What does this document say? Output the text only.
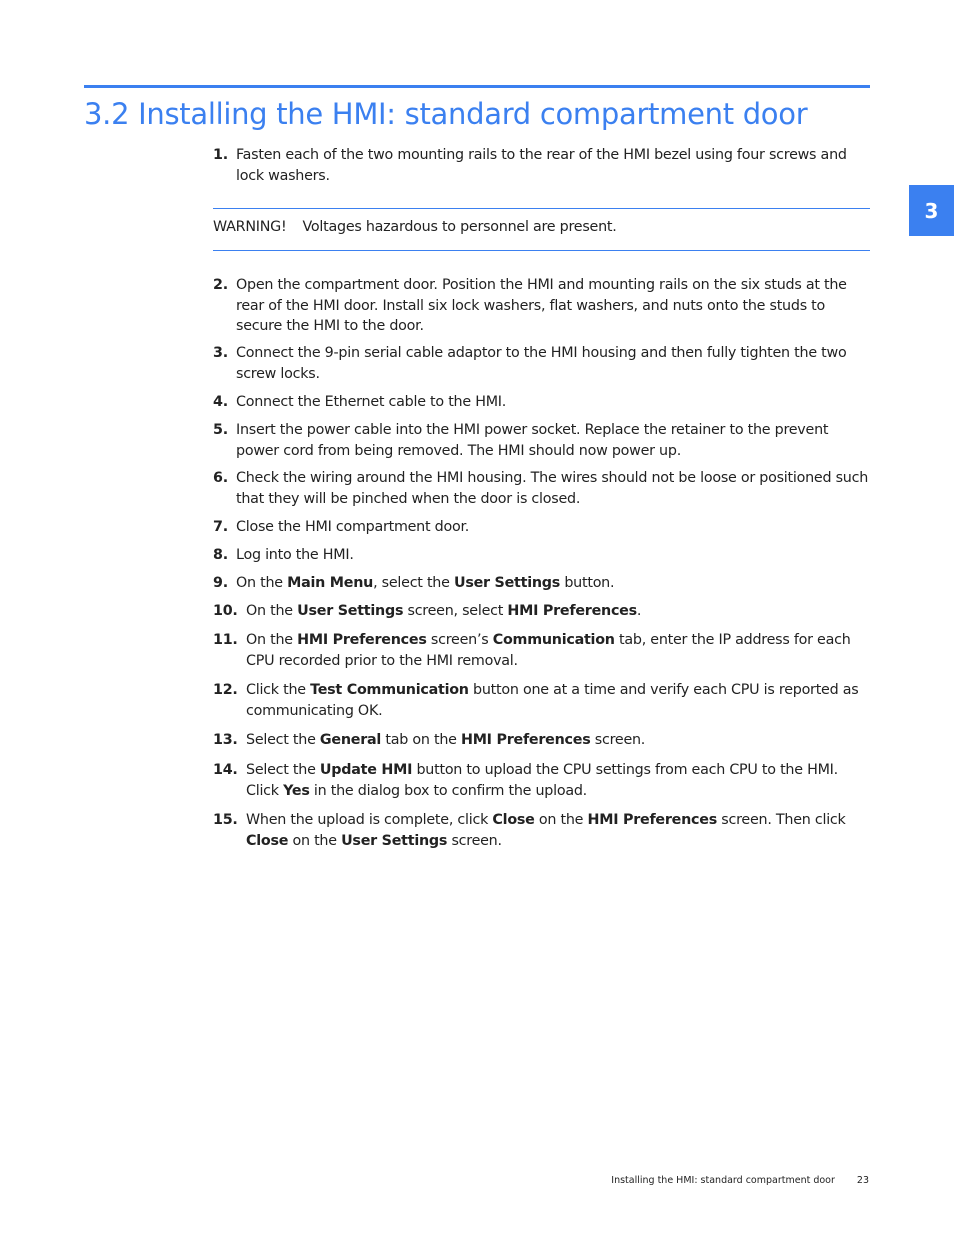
3.2 Installing the HMI: standard compartment door
3
1. Fasten each of the two mounting rails to the rear of the HMI bezel using four screws and lock washers.
WARNING! Voltages hazardous to personnel are present.
2. Open the compartment door. Position the HMI and mounting rails on the six studs at the rear of the HMI door. Install six lock washers, flat washers, and nuts onto the studs to secure the HMI to the door.
3. Connect the 9-pin serial cable adaptor to the HMI housing and then fully tighten the two screw locks.
4. Connect the Ethernet cable to the HMI.
5. Insert the power cable into the HMI power socket. Replace the retainer to the prevent power cord from being removed. The HMI should now power up.
6. Check the wiring around the HMI housing. The wires should not be loose or positioned such that they will be pinched when the door is closed.
7. Close the HMI compartment door.
8. Log into the HMI.
9. On the Main Menu, select the User Settings button.
10. On the User Settings screen, select HMI Preferences.
11. On the HMI Preferences screen’s Communication tab, enter the IP address for each CPU recorded prior to the HMI removal.
12. Click the Test Communication button one at a time and verify each CPU is reported as communicating OK.
13. Select the General tab on the HMI Preferences screen.
14. Select the Update HMI button to upload the CPU settings from each CPU to the HMI. Click Yes in the dialog box to confirm the upload.
15. When the upload is complete, click Close on the HMI Preferences screen. Then click Close on the User Settings screen.
Installing the HMI: standard compartment door 23
